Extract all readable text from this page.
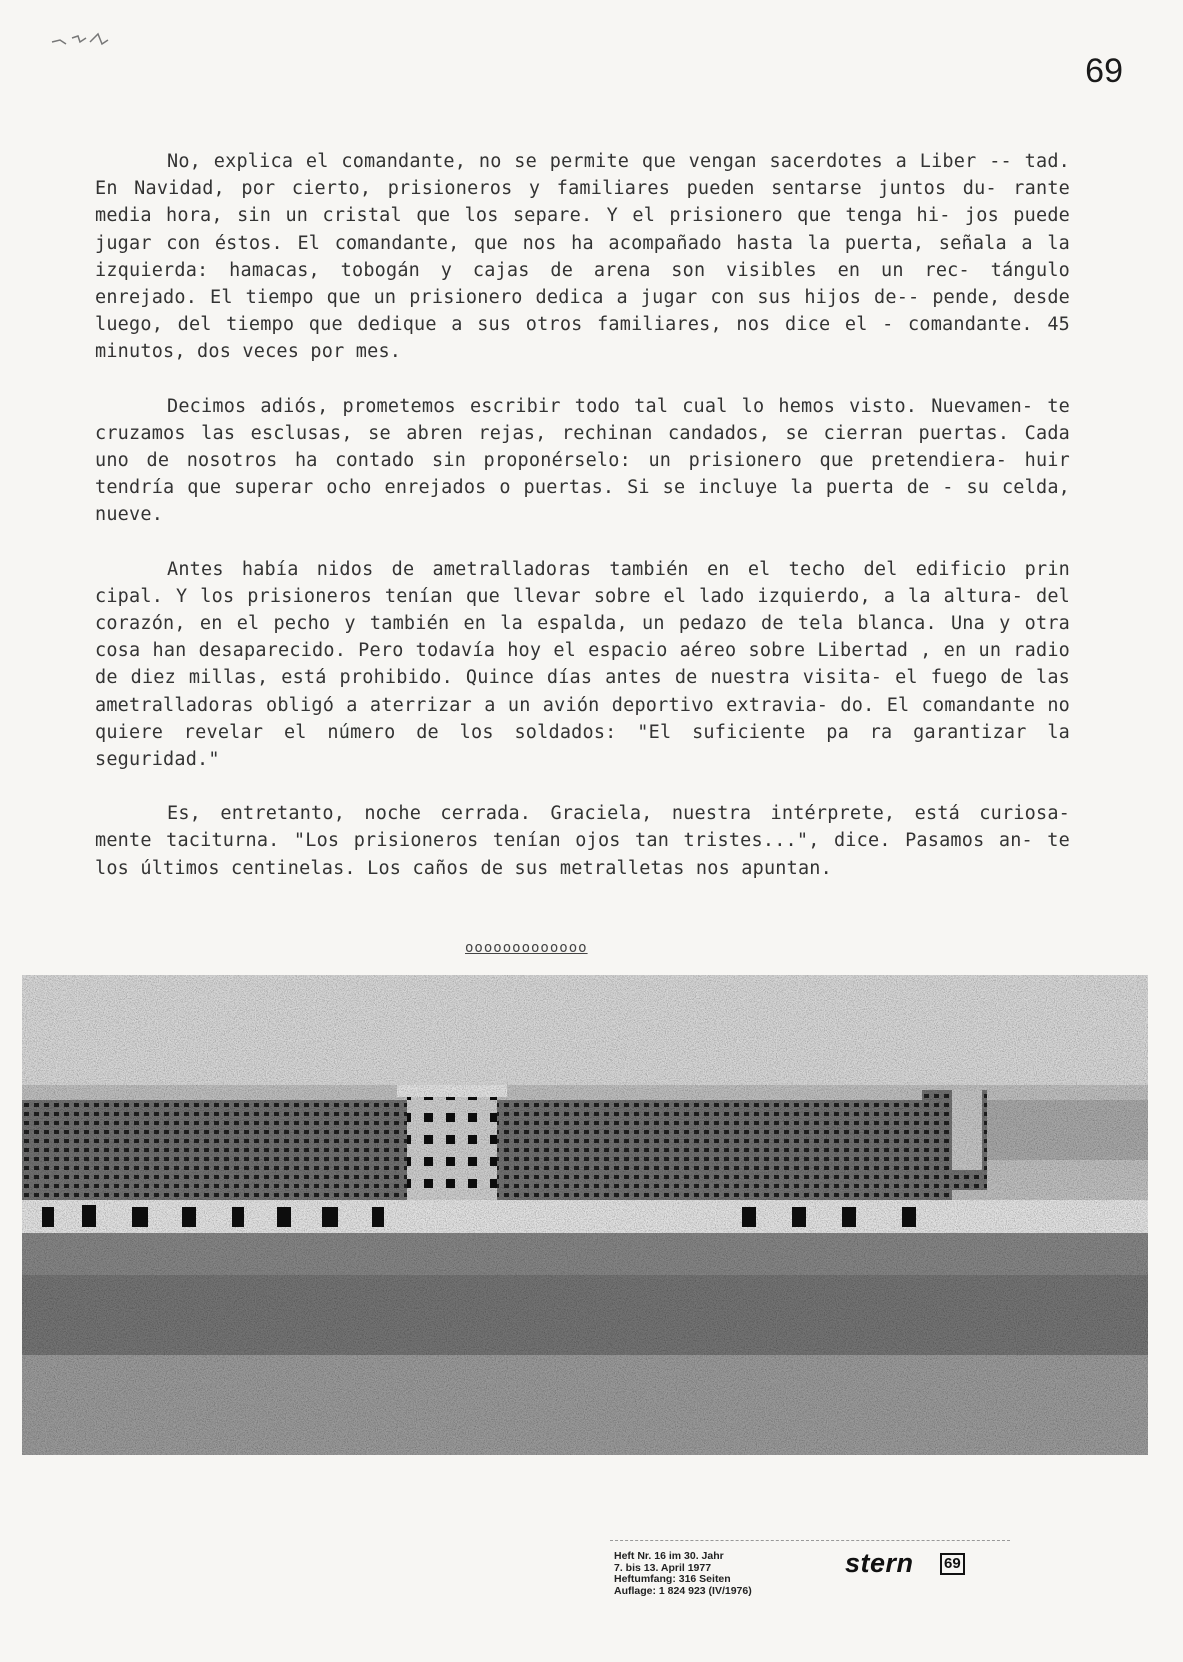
69

No, explica el comandante, no se permite que vengan sacerdotes a Liber -- tad. En Navidad, por cierto, prisioneros y familiares pueden sentarse juntos du- rante media hora, sin un cristal que los separe. Y el prisionero que tenga hi- jos puede jugar con éstos. El comandante, que nos ha acompañado hasta la puerta, señala a la izquierda: hamacas, tobogán y cajas de arena son visibles en un rec- tángulo enrejado. El tiempo que un prisionero dedica a jugar con sus hijos de-- pende, desde luego, del tiempo que dedique a sus otros familiares, nos dice el - comandante. 45 minutos, dos veces por mes.

Decimos adiós, prometemos escribir todo tal cual lo hemos visto. Nuevamen- te cruzamos las esclusas, se abren rejas, rechinan candados, se cierran puertas. Cada uno de nosotros ha contado sin proponérselo: un prisionero que pretendiera- huir tendría que superar ocho enrejados o puertas. Si se incluye la puerta de - su celda, nueve.

Antes había nidos de ametralladoras también en el techo del edificio prin cipal. Y los prisioneros tenían que llevar sobre el lado izquierdo, a la altura- del corazón, en el pecho y también en la espalda, un pedazo de tela blanca. Una y otra cosa han desaparecido. Pero todavía hoy el espacio aéreo sobre Libertad , en un radio de diez millas, está prohibido. Quince días antes de nuestra visita- el fuego de las ametralladoras obligó a aterrizar a un avión deportivo extravia- do. El comandante no quiere revelar el número de los soldados: "El suficiente pa ra garantizar la seguridad."

Es, entretanto, noche cerrada. Graciela, nuestra intérprete, está curiosa- mente taciturna. "Los prisioneros tenían ojos tan tristes...", dice. Pasamos an- te los últimos centinelas. Los caños de sus metralletas nos apuntan.

ooooooooooooo
Heft Nr. 16 im 30. Jahr
7. bis 13. April 1977
Heftumfang: 316 Seiten
Auflage: 1 824 923 (IV/1976)
stern 69
